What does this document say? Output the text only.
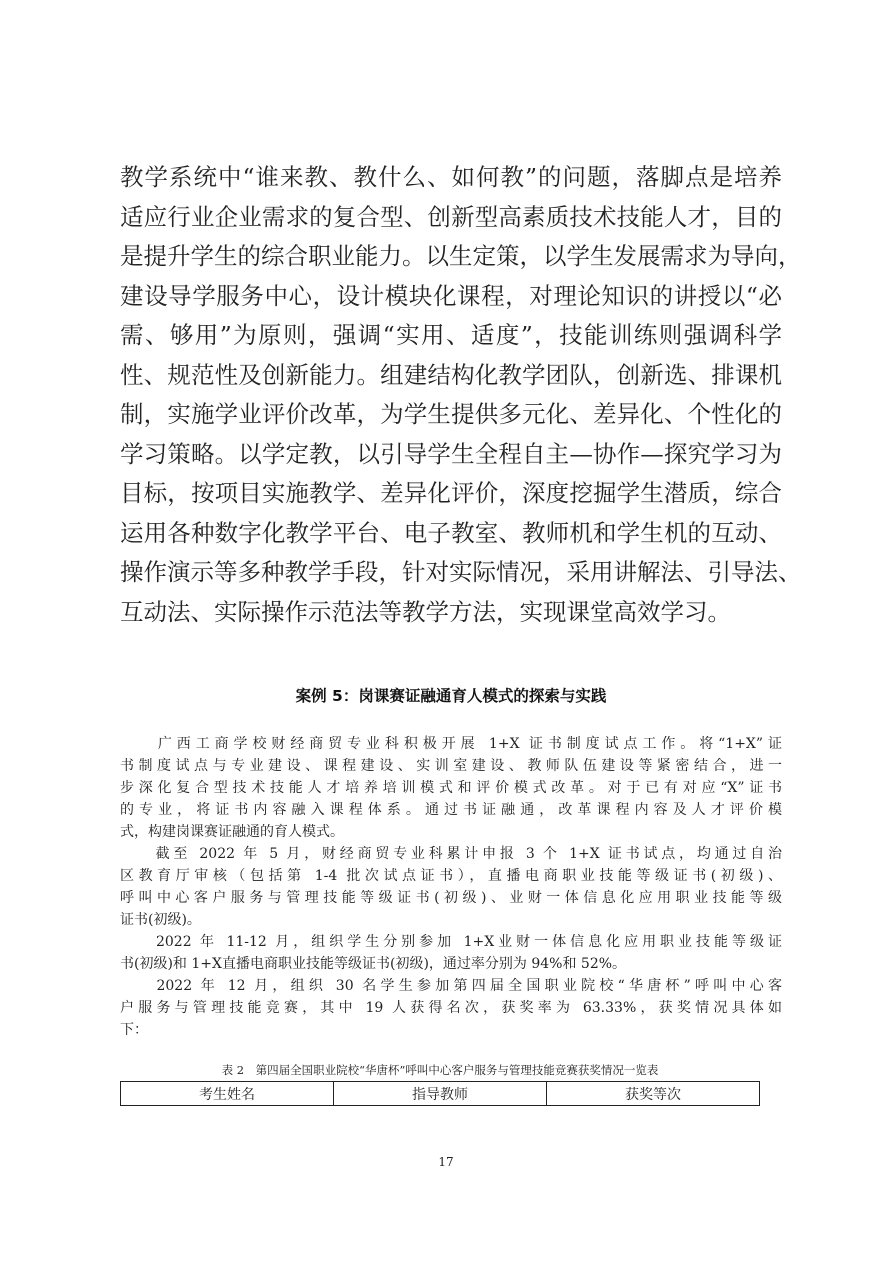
教学系统中“谁来教、教什么、如何教”的问题，落脚点是培养
适应行业企业需求的复合型、创新型高素质技术技能人才，目的
是提升学生的综合职业能力。以生定策，以学生发展需求为导向，
建设导学服务中心，设计模块化课程，对理论知识的讲授以“必
需、够用”为原则，强调“实用、适度”，技能训练则强调科学
性、规范性及创新能力。组建结构化教学团队，创新选、排课机
制，实施学业评价改革，为学生提供多元化、差异化、个性化的
学习策略。以学定教，以引导学生全程自主—协作—探究学习为
目标，按项目实施教学、差异化评价，深度挖掘学生潜质，综合
运用各种数字化教学平台、电子教室、教师机和学生机的互动、
操作演示等多种教学手段，针对实际情况，采用讲解法、引导法、
互动法、实际操作示范法等教学方法，实现课堂高效学习。
案例 5：岗课赛证融通育人模式的探索与实践
　　广西工商学校财经商贸专业科积极开展 1+X 证书制度试点工作。将“1+X”证
书制度试点与专业建设、课程建设、实训室建设、教师队伍建设等紧密结合，进一
步深化复合型技术技能人才培养培训模式和评价模式改革。对于已有对应“X”证书
的专业，将证书内容融入课程体系。通过书证融通，改革课程内容及人才评价模
式，构建岗课赛证融通的育人模式。
　　截至 2022 年 5 月，财经商贸专业科累计申报 3 个 1+X 证书试点，均通过自治
区教育厅审核（包括第 1-4 批次试点证书），直播电商职业技能等级证书(初级)、
呼叫中心客户服务与管理技能等级证书(初级)、业财一体信息化应用职业技能等级
证书(初级)。
　　2022 年 11-12 月，组织学生分别参加 1+X业财一体信息化应用职业技能等级证
书(初级)和 1+X直播电商职业技能等级证书(初级)，通过率分别为 94%和 52%。
　　2022 年 12 月，组织 30 名学生参加第四届全国职业院校“华唐杯”呼叫中心客
户服务与管理技能竞赛，其中 19 人获得名次，获奖率为 63.33%，获奖情况具体如
下：
表 2　第四届全国职业院校“华唐杯”呼叫中心客户服务与管理技能竞赛获奖情况一览表
考生姓名	指导教师	获奖等次
17
